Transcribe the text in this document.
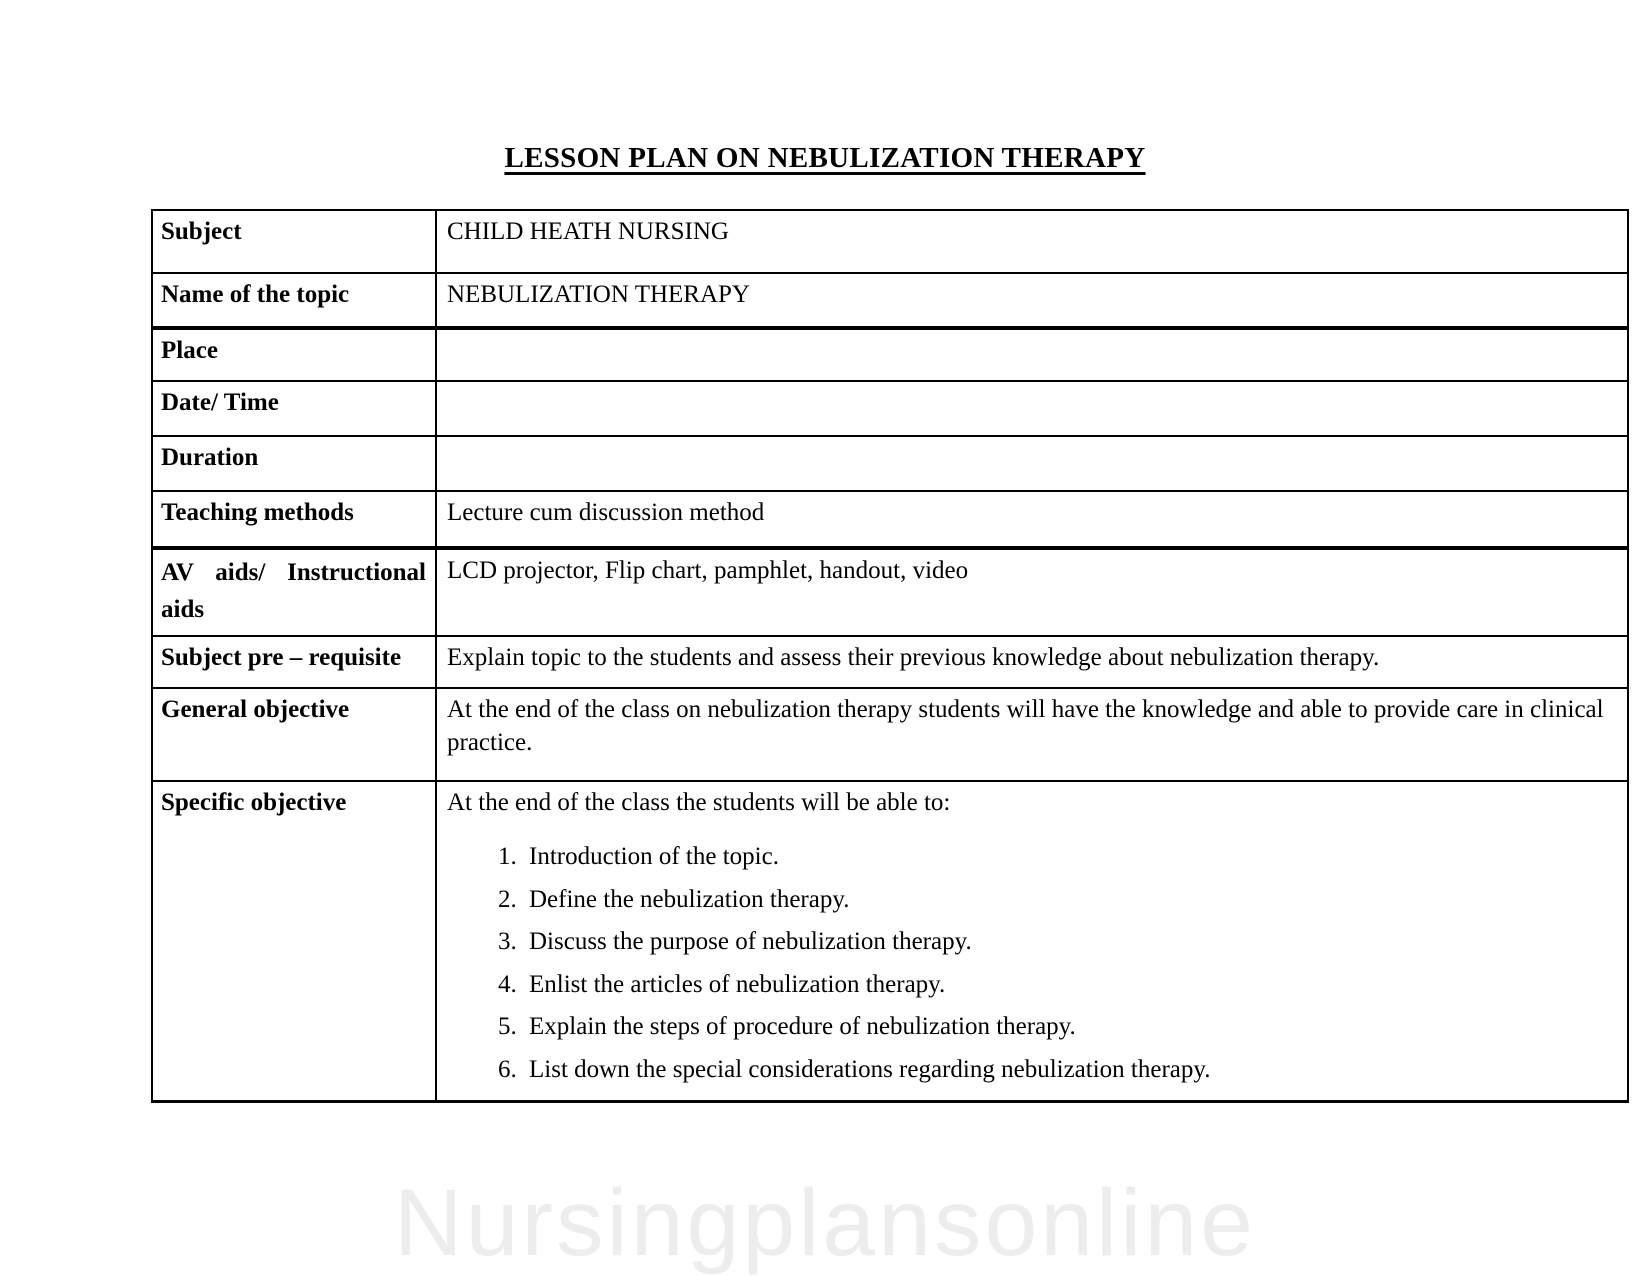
LESSON PLAN ON NEBULIZATION THERAPY
Subject	CHILD HEATH NURSING
Name of the topic	NEBULIZATION THERAPY
Place	
Date/ Time	
Duration	
Teaching methods	Lecture cum discussion method
AV aids/ Instructional aids	LCD projector, Flip chart, pamphlet, handout, video
Subject pre – requisite	Explain topic to the students and assess their previous knowledge about nebulization therapy.
General objective	At the end of the class on nebulization therapy students will have the knowledge and able to provide care in clinical practice.
Specific objective	At the end of the class the students will be able to:

1. Introduction of the topic.
2. Define the nebulization therapy.
3. Discuss the purpose of nebulization therapy.
4. Enlist the articles of nebulization therapy.
5. Explain the steps of procedure of nebulization therapy.
6. List down the special considerations regarding nebulization therapy.
Nursingplansonline
